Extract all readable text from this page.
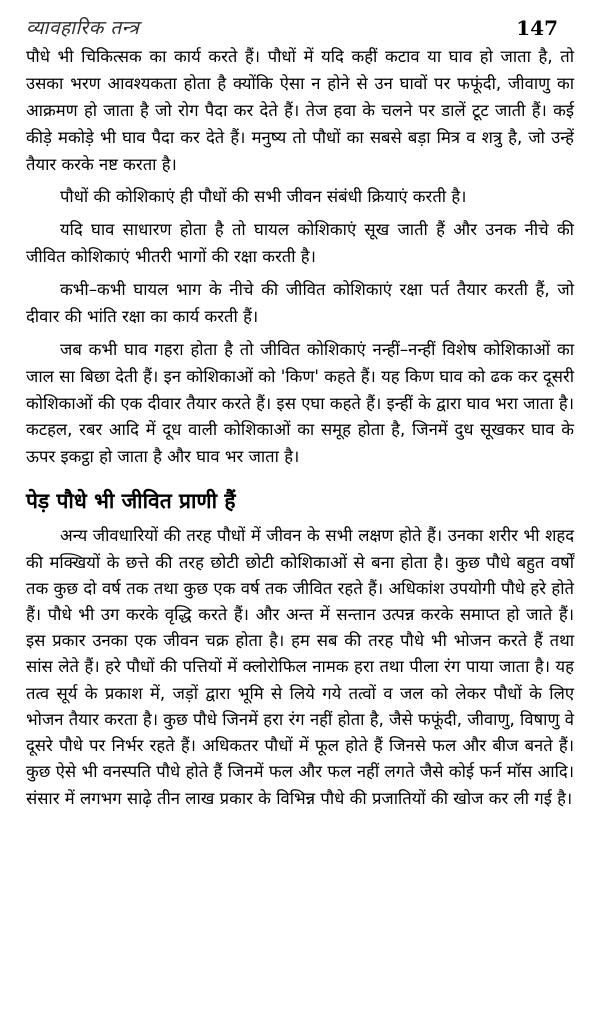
व्यावहारिक तन्त्र	147

पौधे भी चिकित्सक का कार्य करते हैं। पौधों में यदि कहीं कटाव या घाव हो जाता है, तो उसका भरण आवश्यकता होता है क्योंकि ऐसा न होने से उन घावों पर फफूंदी, जीवाणु का आक्रमण हो जाता है जो रोग पैदा कर देते हैं। तेज हवा के चलने पर डालें टूट जाती हैं। कई कीड़े मकोड़े भी घाव पैदा कर देते हैं। मनुष्य तो पौधों का सबसे बड़ा मित्र व शत्रु है, जो उन्हें तैयार करके नष्ट करता है।

पौधों की कोशिकाएं ही पौधों की सभी जीवन संबंधी क्रियाएं करती है।

यदि घाव साधारण होता है तो घायल कोशिकाएं सूख जाती हैं और उनक नीचे की जीवित कोशिकाएं भीतरी भागों की रक्षा करती है।

कभी–कभी घायल भाग के नीचे की जीवित कोशिकाएं रक्षा पर्त तैयार करती हैं, जो दीवार की भांति रक्षा का कार्य करती हैं।

जब कभी घाव गहरा होता है तो जीवित कोशिकाएं नन्हीं–नन्हीं विशेष कोशिकाओं का जाल सा बिछा देती हैं। इन कोशिकाओं को 'किण' कहते हैं। यह किण घाव को ढक कर दूसरी कोशिकाओं की एक दीवार तैयार करते हैं। इस एघा कहते हैं। इन्हीं के द्वारा घाव भरा जाता है। कटहल, रबर आदि में दूध वाली कोशिकाओं का समूह होता है, जिनमें दुध सूखकर घाव के ऊपर इकट्ठा हो जाता है और घाव भर जाता है।

पेड़ पौधे भी जीवित प्राणी हैं

अन्य जीवधारियों की तरह पौधों में जीवन के सभी लक्षण होते हैं। उनका शरीर भी शहद की मक्खियों के छत्ते की तरह छोटी छोटी कोशिकाओं से बना होता है। कुछ पौधे बहुत वर्षों तक कुछ दो वर्ष तक तथा कुछ एक वर्ष तक जीवित रहते हैं। अधिकांश उपयोगी पौधे हरे होते हैं। पौधे भी उग करके वृद्धि करते हैं। और अन्त में सन्तान उत्पन्न करके समाप्त हो जाते हैं। इस प्रकार उनका एक जीवन चक्र होता है। हम सब की तरह पौधे भी भोजन करते हैं तथा सांस लेते हैं। हरे पौधों की पत्तियों में क्लोरोफिल नामक हरा तथा पीला रंग पाया जाता है। यह तत्व सूर्य के प्रकाश में, जड़ों द्वारा भूमि से लिये गये तत्वों व जल को लेकर पौधों के लिए भोजन तैयार करता है। कुछ पौधे जिनमें हरा रंग नहीं होता है, जैसे फफूंदी, जीवाणु, विषाणु वे दूसरे पौधे पर निर्भर रहते हैं। अधिकतर पौधों में फूल होते हैं जिनसे फल और बीज बनते हैं। कुछ ऐसे भी वनस्पति पौधे होते हैं जिनमें फल और फल नहीं लगते जैसे कोई फर्न मॉस आदि। संसार में लगभग साढ़े तीन लाख प्रकार के विभिन्न पौधे की प्रजातियों की खोज कर ली गई है।
